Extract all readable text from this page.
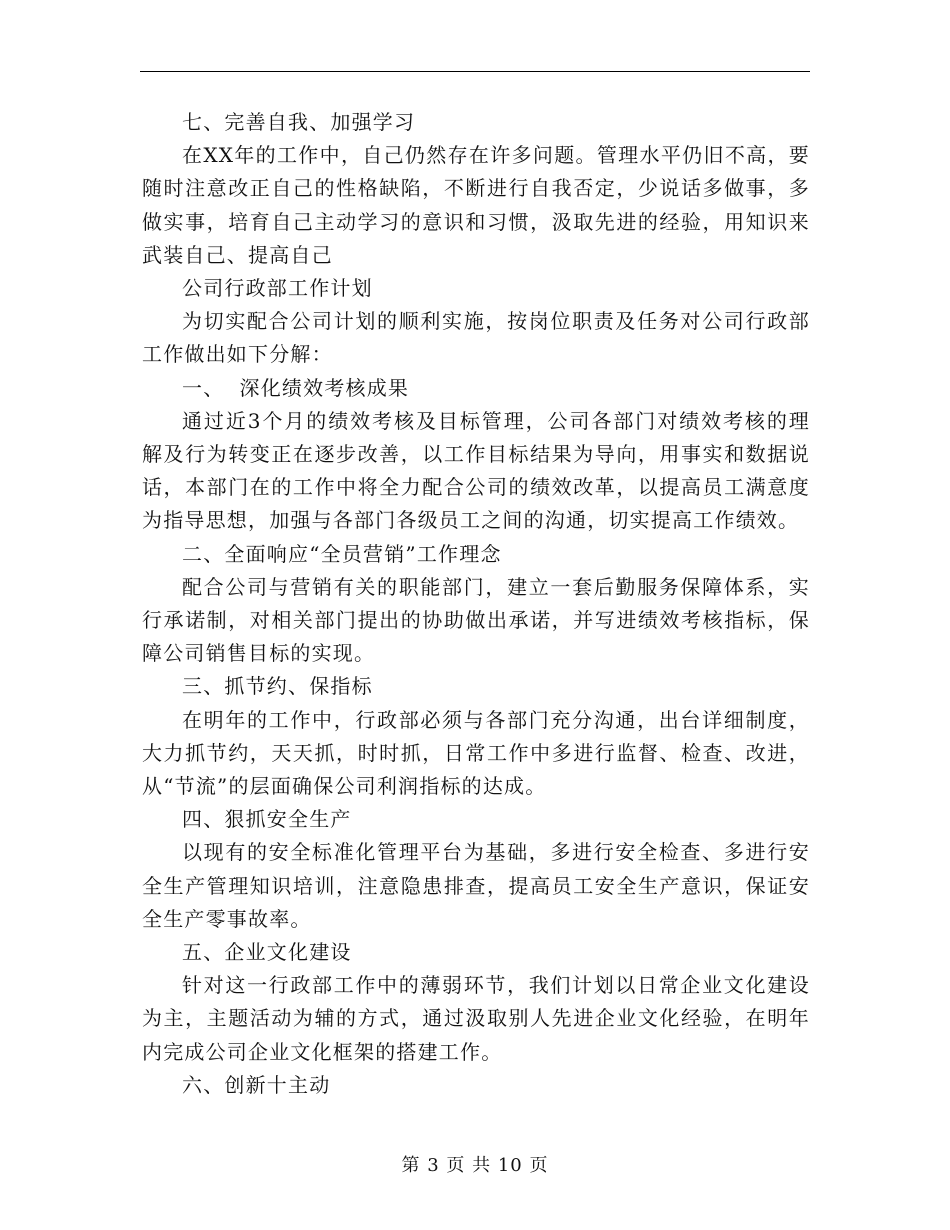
七、完善自我、加强学习

在XX年的工作中，自己仍然存在许多问题。管理水平仍旧不高，要随时注意改正自己的性格缺陷，不断进行自我否定，少说话多做事，多做实事，培育自己主动学习的意识和习惯，汲取先进的经验，用知识来武装自己、提高自己

公司行政部工作计划

为切实配合公司计划的顺利实施，按岗位职责及任务对公司行政部工作做出如下分解：

一、  深化绩效考核成果

通过近3个月的绩效考核及目标管理，公司各部门对绩效考核的理解及行为转变正在逐步改善，以工作目标结果为导向，用事实和数据说话，本部门在的工作中将全力配合公司的绩效改革，以提高员工满意度为指导思想，加强与各部门各级员工之间的沟通，切实提高工作绩效。

二、全面响应“全员营销”工作理念

配合公司与营销有关的职能部门，建立一套后勤服务保障体系，实行承诺制，对相关部门提出的协助做出承诺，并写进绩效考核指标，保障公司销售目标的实现。

三、抓节约、保指标

在明年的工作中，行政部必须与各部门充分沟通，出台详细制度，大力抓节约，天天抓，时时抓，日常工作中多进行监督、检查、改进，从“节流”的层面确保公司利润指标的达成。

四、狠抓安全生产

以现有的安全标准化管理平台为基础，多进行安全检查、多进行安全生产管理知识培训，注意隐患排查，提高员工安全生产意识，保证安全生产零事故率。

五、企业文化建设

针对这一行政部工作中的薄弱环节，我们计划以日常企业文化建设为主，主题活动为辅的方式，通过汲取别人先进企业文化经验，在明年内完成公司企业文化框架的搭建工作。

六、创新十主动

第 3 页 共 10 页
